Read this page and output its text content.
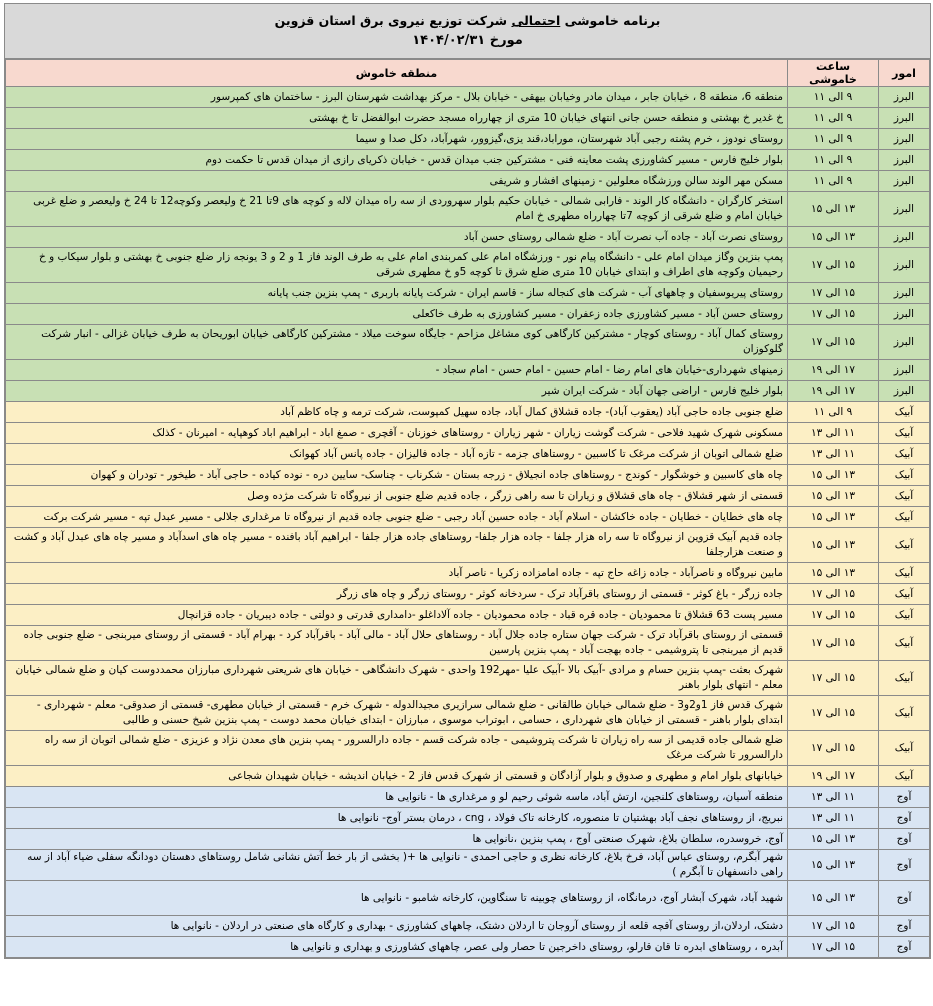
برنامه خاموشی احتمالی شرکت توزیع نیروی برق استان قزوین
مورخ ۱۴۰۴/۰۲/۳۱
امور	ساعت خاموشی	منطقه خاموش
البرز	۹ الی ۱۱	منطقه 6، منطقه 8 ، خیابان جابر ، میدان مادر وخیابان بیهقی - خیابان بلال - مرکز بهداشت شهرستان البرز - ساختمان های کمپرسور
البرز	۹ الی ۱۱	خ غدیر خ بهشتی و منطقه حسن جانی انتهای خیابان 10 متری از چهارراه مسجد حضرت ابوالفضل تا خ بهشتی
البرز	۹ الی ۱۱	روستای نودوز ، خرم پشته رجبی آباد شهرستان، موراباد،قند یزی،گیزوور، شهرآباد، دکل صدا و سیما
البرز	۹ الی ۱۱	بلوار خلیج فارس - مسیر کشاورزی پشت معاینه فنی - مشترکین جنب میدان قدس - خیابان ذکریای رازی از میدان قدس تا حکمت دوم
البرز	۹ الی ۱۱	مسکن مهر الوند سالن ورزشگاه معلولین - زمینهای افشار و شریفی
البرز	۱۳ الی ۱۵	استخر کارگران - دانشگاه کار الوند - فارابی شمالی - خیابان حکیم بلوار سهروردی از سه راه میدان لاله و کوچه های 9تا 21 خ ولیعصر وکوچه12 تا 24 خ ولیعصر و ضلع غربی خیابان امام و ضلع شرقی از کوچه 7تا چهارراه مطهری خ امام
البرز	۱۳ الی ۱۵	روستای نصرت آباد - جاده آب نصرت آباد - ضلع شمالی روستای حسن آباد
البرز	۱۵ الی ۱۷	پمپ بنزین وگاز میدان امام علی - دانشگاه پیام نور - ورزشگاه امام علی کمربندی امام علی به طرف الوند فاز 1 و 2 و 3 یونجه زار ضلع جنوبی خ بهشتی و بلوار سیکاب و خ رحیمیان وکوچه های اطراف و ابتدای خیابان 10 متری ضلع شرق تا کوچه 5و خ مطهری شرقی
البرز	۱۵ الی ۱۷	روستای پیریوسفیان و چاههای آب - شرکت های کنجاله ساز - قاسم ایران - شرکت پایانه باربری - پمپ بنزین جنب پایانه
البرز	۱۵ الی ۱۷	روستای حسن آباد - مسیر کشاورزی جاده زعفران - مسیر کشاورزی به طرف خاکعلی
البرز	۱۵ الی ۱۷	روستای کمال آباد - روستای کوچار - مشترکین کارگاهی کوی مشاغل مزاحم - جایگاه سوخت میلاد - مشترکین کارگاهی خیابان ابوریحان به طرف خیابان غزالی - انبار شرکت گلوکوزان
البرز	۱۷ الی ۱۹	زمینهای شهرداری-خیابان های امام رضا - امام حسین - امام حسن - امام سجاد -
البرز	۱۷ الی ۱۹	بلوار خلیج فارس - اراضی جهان آباد - شرکت ایران شیر
آبیک	۹ الی ۱۱	ضلع جنوبی جاده حاجی آباد (یعقوب آباد)- جاده قشلاق کمال آباد، جاده سهیل کمپوست، شرکت ترمه و چاه کاظم آباد
آبیک	۱۱ الی ۱۳	مسکونی شهرک شهید فلاحی - شرکت گوشت زیاران - شهر زیاران - روستاهای خوزنان - آقچری - صمغ اباد - ابراهیم اباد کوهپایه - امیرنان - کذلک
آبیک	۱۱ الی ۱۳	ضلع شمالی اتوبان از شرکت مرغک تا کاسبین - روستاهای جزمه - تازه آباد - جاده فالیزان - جاده پانس آباد کهوانک
آبیک	۱۳ الی ۱۵	چاه های کاسبین و خوشگوار - کوندج - روستاهای جاده انجیلاق - زرجه بستان - شکرناب - چناسک- سایین دره - نوده کیاده - حاجی آباد - طیخور - تودران و کهوان
آبیک	۱۳ الی ۱۵	قسمتی از شهر قشلاق - چاه های قشلاق و زیاران تا سه راهی زرگر ، جاده قدیم ضلع جنوبی از نیروگاه تا شرکت مژده وصل
آبیک	۱۳ الی ۱۵	چاه های خطایان - خطایان - جاده خاکشان - اسلام آباد - جاده حسین آباد رجبی - ضلع جنوبی جاده قدیم از نیروگاه تا مرغداری جلالی - مسیر عبدل تپه - مسیر شرکت برکت
آبیک	۱۳ الی ۱۵	جاده قدیم آبیک قزوین از نیروگاه تا سه راه هزار جلفا - جاده هزار جلفا- روستاهای جاده هزار جلفا - ابراهیم آباد بافنده - مسیر چاه های اسدآباد و مسیر چاه های عبدل آباد و کشت و صنعت هزارجلفا
آبیک	۱۳ الی ۱۵	مابین نیروگاه و ناصرآباد - جاده زاغه حاج تپه - جاده امامزاده زکریا - ناصر آباد
آبیک	۱۵ الی ۱۷	جاده زرگر - باغ کوثر - قسمتی از روستای باقرآباد ترک - سردخانه کوثر - روستای زرگر و چاه های زرگر
آبیک	۱۵ الی ۱۷	مسیر پست 63 قشلاق تا محمودیان - جاده قره قباد - جاده محمودیان - جاده آلاداغلو -دامداری قدرتی و دولتی - جاده دیبریان - جاده قزانچال
آبیک	۱۵ الی ۱۷	قسمتی از روستای باقرآباد ترک - شرکت جهان ستاره جاده جلال آباد - روستاهای حلال آباد - مالی آباد - باقرآباد کرد - بهرام آباد - قسمتی از روستای میربنجی - ضلع جنوبی جاده قدیم از میربنجی تا پتروشیمی - جاده بهجت آباد - پمپ بنزین پارسین
آبیک	۱۵ الی ۱۷	شهرک بعثت -پمپ بنزین حسام و مرادی -آبیک بالا -آبیک علیا -مهر192 واحدی - شهرک دانشگاهی - خیابان های شریعتی شهرداری مبارزان محمددوست کیان و ضلع شمالی خیابان معلم - انتهای بلوار باهنر
آبیک	۱۵ الی ۱۷	شهرک قدس فاز 1و2و3 - ضلع شمالی خیابان طالقانی - ضلع شمالی سرازیری مجیدالدوله - شهرک خرم - قسمتی از خیابان مطهری- قسمتی از صدوقی- معلم - شهرداری - ابتدای بلوار باهنر - قسمتی از خیابان های شهرداری ، حسامی ، ابوتراب موسوی ، مبارزان - ابتدای خیابان محمد دوست - پمپ بنزین شیخ حسنی و طالبی
آبیک	۱۵ الی ۱۷	ضلع شمالی جاده قدیمی از سه راه زیاران تا شرکت پتروشیمی - جاده شرکت قسم - جاده دارالسرور - پمپ بنزین های معدن نژاد و عزیزی - ضلع شمالی اتوبان از سه راه دارالسرور تا شرکت مرغک
آبیک	۱۷ الی ۱۹	خیابانهای بلوار امام و مطهری و صدوق و بلوار آزادگان و قسمتی از شهرک قدس فاز 2 - خیابان اندیشه - خیابان شهیدان شجاعی
آوج	۱۱ الی ۱۳	منطقه آسیان، روستاهای کلنجین، ارتش آباد، ماسه شوئی رحیم لو و مرغداری ها - نانوایی ها
آوج	۱۱ الی ۱۳	نبریج، از روستاهای نجف آباد بهشتیان تا منصوره، کارخانه تاک فولاد ، cng ، درمان بستر آوج- نانوایی ها
آوج	۱۳ الی ۱۵	آوج، خروسدره، سلطان بلاغ، شهرک صنعتی آوج ، پمپ بنزین ،نانوایی ها
آوج	۱۳ الی ۱۵	شهر آبگرم، روستای عباس آباد، فرخ بلاغ، کارخانه نظری و حاجی احمدی - نانوایی ها +( بخشی از بار خط آتش نشانی شامل روستاهای دهستان دودانگه سفلی ضیاء آباد از سه راهی دانسفهان تا آبگرم )
آوج	۱۳ الی ۱۵	شهید آباد، شهرک آبشار آوج، درمانگاه، از روستاهای چوبینه تا سنگاوین، کارخانه شامبو - نانوایی ها
آوج	۱۵ الی ۱۷	دشتک، اردلان،از روستای آقچه قلعه از روستای آروجان تا اردلان دشتک، چاههای کشاورزی - بهداری و کارگاه های صنعتی در اردلان - نانوایی ها
آوج	۱۵ الی ۱۷	آبدره ، روستاهای ابدره تا قان قارلو، روستای داخرجین تا حصار ولی عصر، چاههای کشاورزی و بهداری و نانوایی ها
